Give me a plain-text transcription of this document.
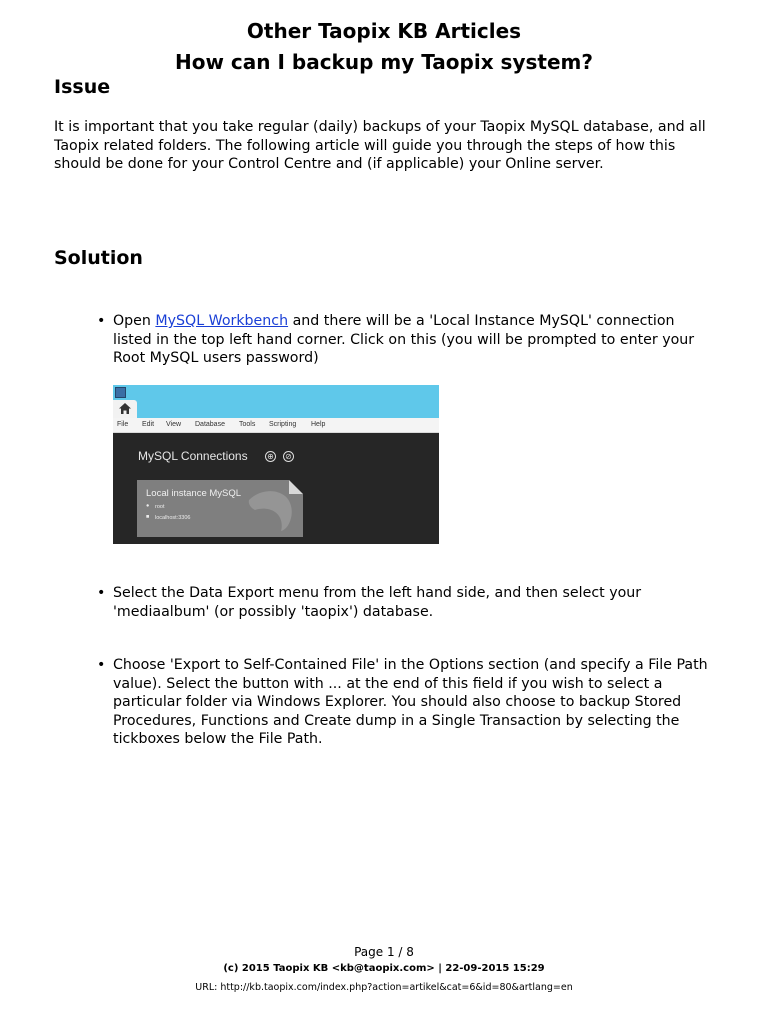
Other Taopix KB Articles
How can I backup my Taopix system?
Issue

It is important that you take regular (daily) backups of your Taopix MySQL database, and all Taopix related folders. The following article will guide you through the steps of how this should be done for your Control Centre and (if applicable) your Online server.

Solution
• Open MySQL Workbench and there will be a 'Local Instance MySQL' connection listed in the top left hand corner. Click on this (you will be prompted to enter your Root MySQL users password)
File Edit View Database Tools Scripting Help
MySQL Connections ⊕ ⊘
Local instance MySQL
● root
■ localhost:3306
• Select the Data Export menu from the left hand side, and then select your 'mediaalbum' (or possibly 'taopix') database.
• Choose 'Export to Self-Contained File' in the Options section (and specify a File Path value). Select the button with ... at the end of this field if you wish to select a particular folder via Windows Explorer. You should also choose to backup Stored Procedures, Functions and Create dump in a Single Transaction by selecting the tickboxes below the File Path.
Page 1 / 8
(c) 2015 Taopix KB <kb@taopix.com> | 22-09-2015 15:29
URL: http://kb.taopix.com/index.php?action=artikel&cat=6&id=80&artlang=en
